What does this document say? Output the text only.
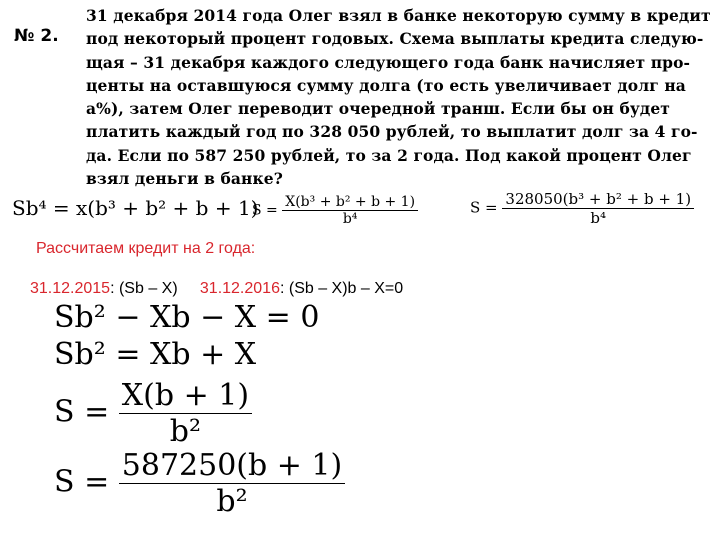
№ 2.
31 декабря 2014 года Олег взял в банке некоторую сумму в кредит
под некоторый процент годовых. Схема выплаты кредита следую-
щая – 31 декабря каждого следующего года банк начисляет про-
центы на оставшуюся сумму долга (то есть увеличивает долг на
a%), затем Олег переводит очередной транш. Если бы он будет
платить каждый год по 328 050 рублей, то выплатит долг за 4 го-
да. Если по 587 250 рублей, то за 2 года. Под какой процент Олег
взял деньги в банке?
Sb⁴ = x(b³ + b² + b + 1)
$S = \frac{\text{X(b³ + b² + b + 1)}}{\text{b⁴}}$	$S = \frac{\text{328050(b³ + b² + b + 1)}}{\text{b⁴}}$
Рассчитаем кредит на 2 года:
31.12.2015: (Sb – X) 31.12.2016: (Sb – X)b – X=0
Sb² − Xb − X = 0
Sb² = Xb + X
$S = \frac{X(b + 1)}{\text{b²}}$
$S = \frac{587250(b + 1)}{\text{b²}}$
